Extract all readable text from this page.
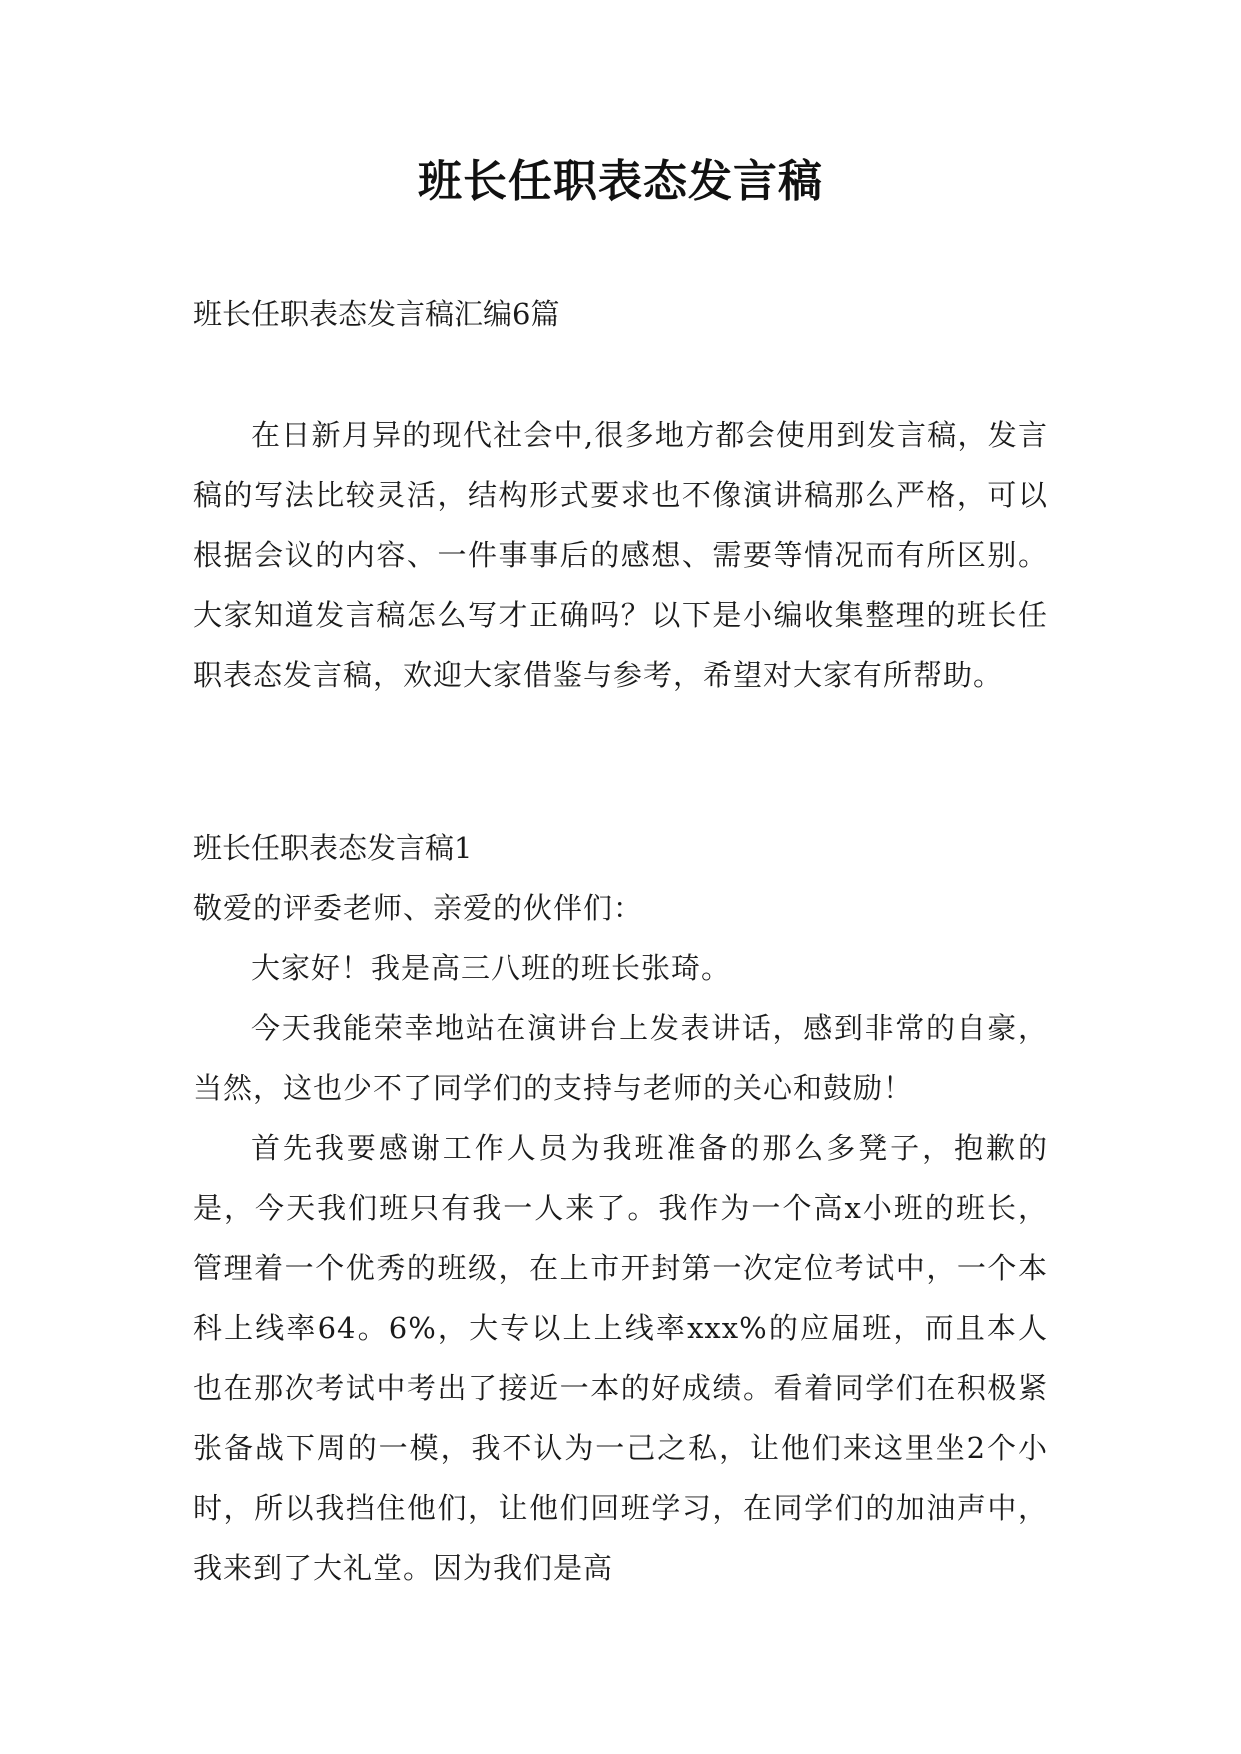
班长任职表态发言稿

班长任职表态发言稿汇编6篇

在日新月异的现代社会中,很多地方都会使用到发言稿，发言稿的写法比较灵活，结构形式要求也不像演讲稿那么严格，可以根据会议的内容、一件事事后的感想、需要等情况而有所区别。大家知道发言稿怎么写才正确吗？以下是小编收集整理的班长任职表态发言稿，欢迎大家借鉴与参考，希望对大家有所帮助。

班长任职表态发言稿1

敬爱的评委老师、亲爱的伙伴们：

大家好！我是高三八班的班长张琦。

今天我能荣幸地站在演讲台上发表讲话，感到非常的自豪，当然，这也少不了同学们的支持与老师的关心和鼓励！

首先我要感谢工作人员为我班准备的那么多凳子，抱歉的是，今天我们班只有我一人来了。我作为一个高x小班的班长，管理着一个优秀的班级，在上市开封第一次定位考试中，一个本科上线率64。6%，大专以上上线率xxx%的应届班，而且本人也在那次考试中考出了接近一本的好成绩。看着同学们在积极紧张备战下周的一模，我不认为一己之私，让他们来这里坐2个小时，所以我挡住他们，让他们回班学习，在同学们的加油声中，我来到了大礼堂。因为我们是高
